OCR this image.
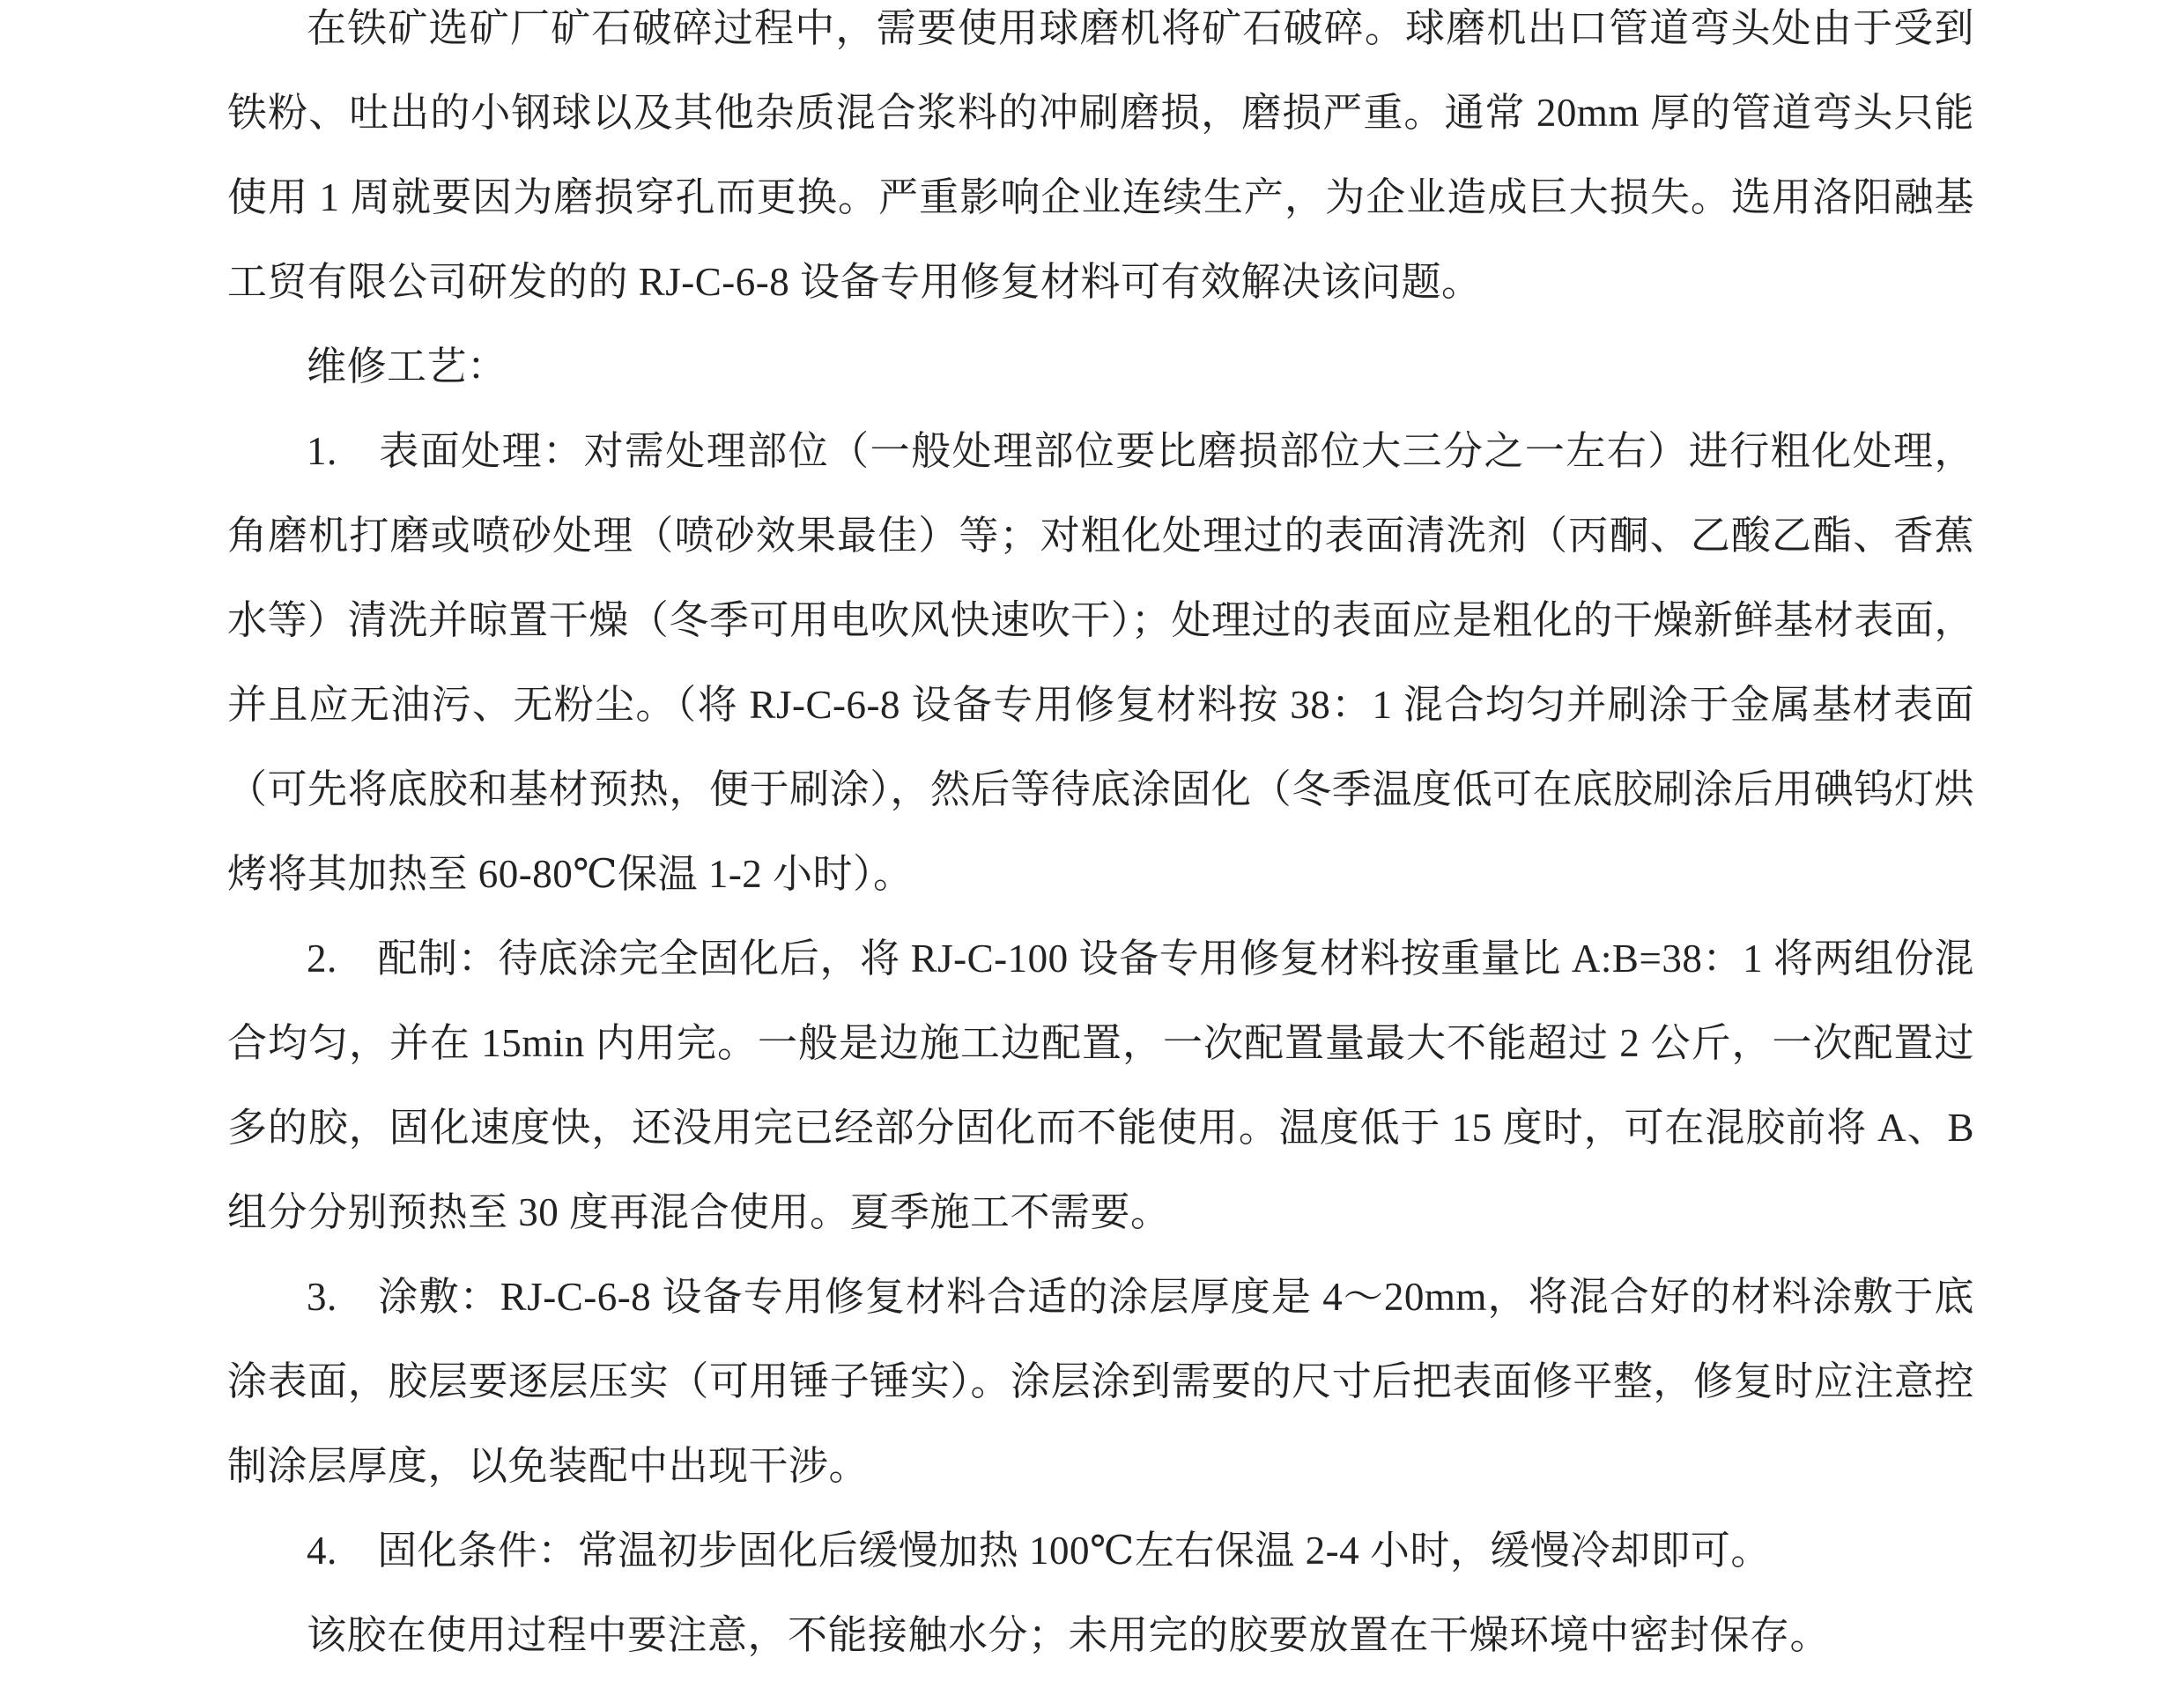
在铁矿选矿厂矿石破碎过程中，需要使用球磨机将矿石破碎。球磨机出口管道弯头处由于受到铁粉、吐出的小钢球以及其他杂质混合浆料的冲刷磨损，磨损严重。通常 20mm 厚的管道弯头只能使用 1 周就要因为磨损穿孔而更换。严重影响企业连续生产，为企业造成巨大损失。选用洛阳融基工贸有限公司研发的的 RJ-C-6-8 设备专用修复材料可有效解决该问题。

维修工艺：

1.　表面处理：对需处理部位（一般处理部位要比磨损部位大三分之一左右）进行粗化处理，角磨机打磨或喷砂处理（喷砂效果最佳）等；对粗化处理过的表面清洗剂（丙酮、乙酸乙酯、香蕉水等）清洗并晾置干燥（冬季可用电吹风快速吹干）；处理过的表面应是粗化的干燥新鲜基材表面，并且应无油污、无粉尘。（将 RJ-C-6-8 设备专用修复材料按 38：1 混合均匀并刷涂于金属基材表面（可先将底胶和基材预热，便于刷涂），然后等待底涂固化（冬季温度低可在底胶刷涂后用碘钨灯烘烤将其加热至 60-80℃保温 1-2 小时）。

2.　配制：待底涂完全固化后，将 RJ-C-100 设备专用修复材料按重量比 A:B=38：1 将两组份混合均匀，并在 15min 内用完。一般是边施工边配置，一次配置量最大不能超过 2 公斤，一次配置过多的胶，固化速度快，还没用完已经部分固化而不能使用。温度低于 15 度时，可在混胶前将 A、B 组分分别预热至 30 度再混合使用。夏季施工不需要。

3.　涂敷：RJ-C-6-8 设备专用修复材料合适的涂层厚度是 4～20mm，将混合好的材料涂敷于底涂表面，胶层要逐层压实（可用锤子锤实）。涂层涂到需要的尺寸后把表面修平整，修复时应注意控制涂层厚度，以免装配中出现干涉。

4.　固化条件：常温初步固化后缓慢加热 100℃左右保温 2-4 小时，缓慢冷却即可。

该胶在使用过程中要注意，不能接触水分；未用完的胶要放置在干燥环境中密封保存。
